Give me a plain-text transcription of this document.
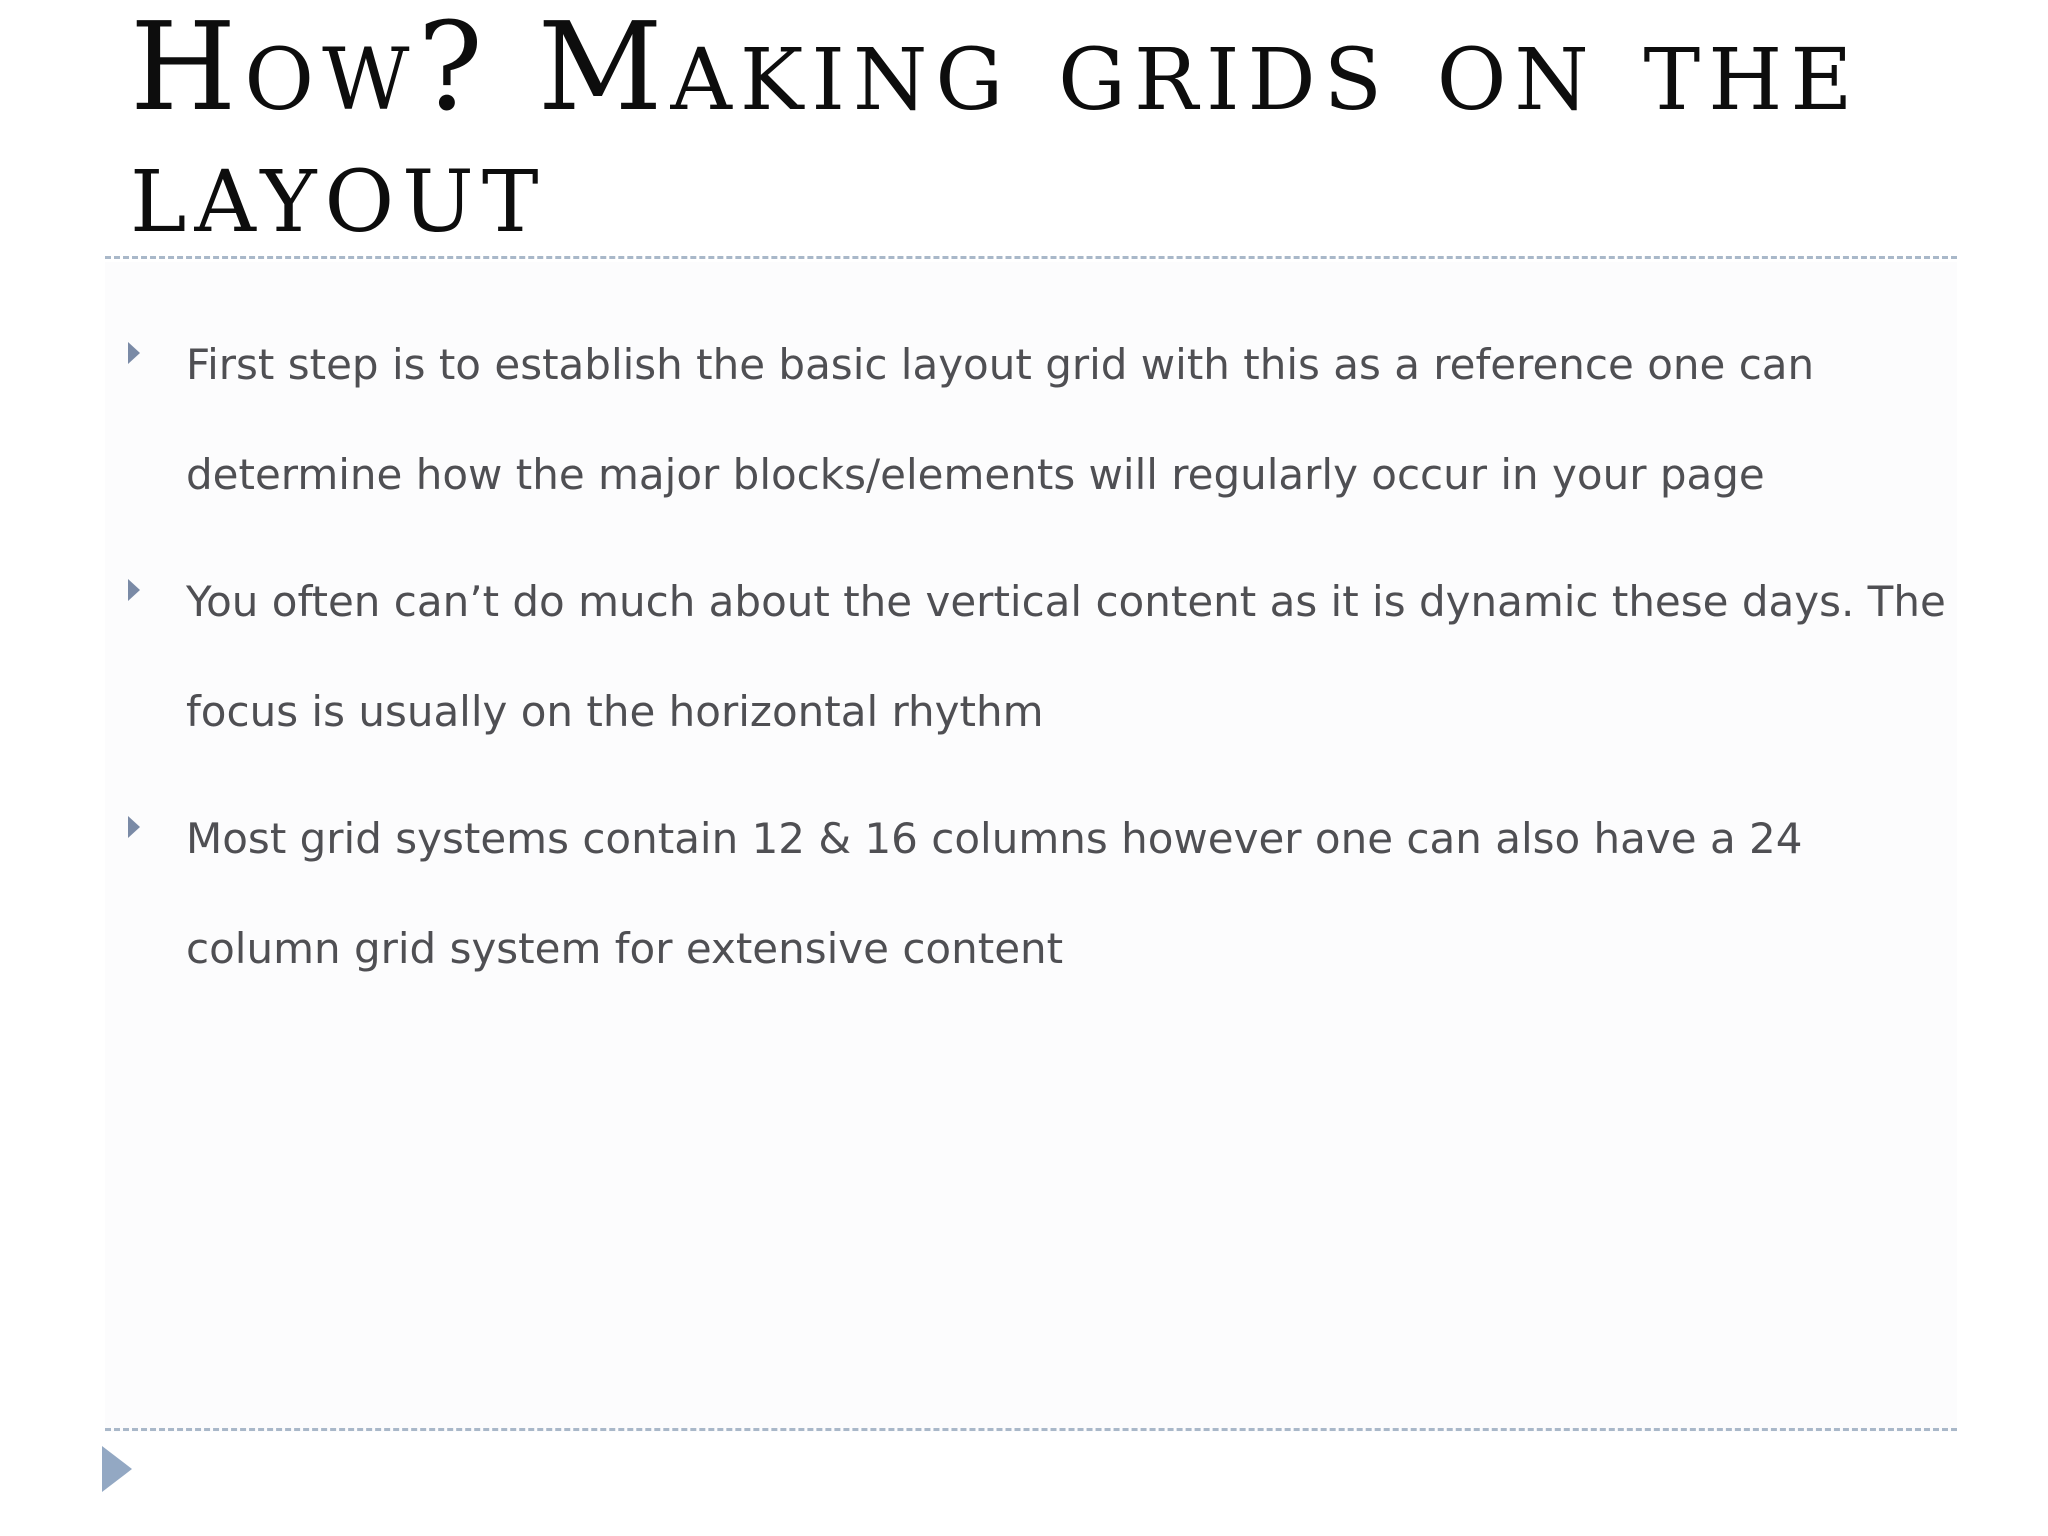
How? Making grids on the layout
First step is to establish the basic layout grid with this as a reference one can determine how the major blocks/elements will regularly occur in your page
You often can’t do much about the vertical content as it is dynamic these days. The focus is usually on the horizontal rhythm
Most grid systems contain 12 & 16 columns however one can also have a 24 column grid system for extensive content
